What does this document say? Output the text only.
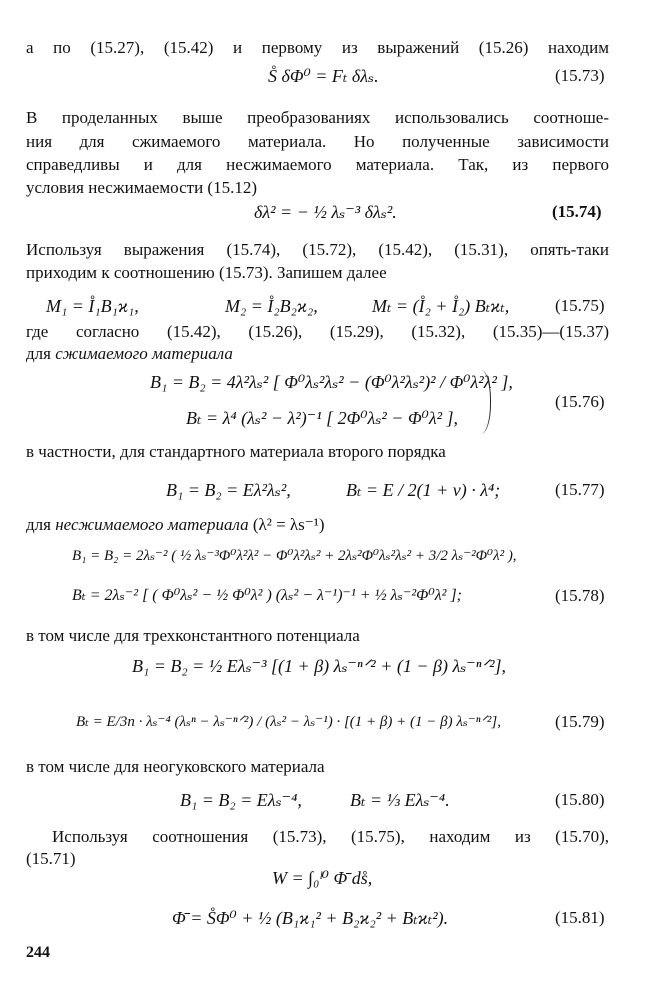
а по (15.27), (15.42) и первому из выражений (15.26) находим
S̊ δΦ⁰ = Fₜ δλₛ.	(15.73)
В проделанных выше преобразованиях использовались соотноше-
ния для сжимаемого материала. Но полученные зависимости
справедливы и для несжимаемого материала. Так, из первого
условия несжимаемости (15.12)
δλ² = − ½ λₛ⁻³ δλₛ².	(15.74)
Используя выражения (15.74), (15.72), (15.42), (15.31), опять-таки
приходим к соотношению (15.73). Запишем далее
M₁ = I̊₁B₁ϰ₁,	M₂ = I̊₂B₂ϰ₂,	Mₜ = (I̊₂ + I̊₂) Bₜϰₜ,	(15.75)
где согласно (15.42), (15.26), (15.29), (15.32), (15.35)—(15.37)
для сжимаемого материала
B₁ = B₂ = 4λ²λₛ² [ Φ⁰λₛ²λₛ² − (Φ⁰λ²λₛ²)² / Φ⁰λ²λ² ],
Bₜ = λ⁴ (λₛ² − λ²)⁻¹ [ 2Φ⁰λₛ² − Φ⁰λ² ],
(15.76)
в частности, для стандартного материала второго порядка
B₁ = B₂ = Eλ²λₛ²,	Bₜ = E / 2(1 + ν) · λ⁴;	(15.77)
для несжимаемого материала (λ² = λs⁻¹)
B₁ = B₂ = 2λₛ⁻² ( ½ λₛ⁻³Φ⁰λ²λ² − Φ⁰λ²λₛ² + 2λₛ²Φ⁰λₛ²λₛ² + 3/2 λₛ⁻²Φ⁰λ² ),
Bₜ = 2λₛ⁻² [ ( Φ⁰λₛ² − ½ Φ⁰λ² ) (λₛ² − λ⁻¹)⁻¹ + ½ λₛ⁻²Φ⁰λ² ];	(15.78)
в том числе для трехконстантного потенциала
B₁ = B₂ = ½ Eλₛ⁻³ [(1 + β) λₛ⁻ⁿᐟ² + (1 − β) λₛ⁻ⁿᐟ²],
Bₜ = E/3n · λₛ⁻⁴ (λₛⁿ − λₛ⁻ⁿᐟ²) / (λₛ² − λₛ⁻¹) · [(1 + β) + (1 − β) λₛ⁻ⁿᐟ²],	(15.79)
в том числе для неогуковского материала
B₁ = B₂ = Eλₛ⁻⁴,	Bₜ = ⅓ Eλₛ⁻⁴.	(15.80)
Используя соотношения (15.73), (15.75), находим из (15.70),
(15.71)
W = ∫₀ˡ⁰ Φ̄ ds̊,
Φ̄ = S̊Φ⁰ + ½ (B₁ϰ₁² + B₂ϰ₂² + Bₜϰₜ²).	(15.81)
244
